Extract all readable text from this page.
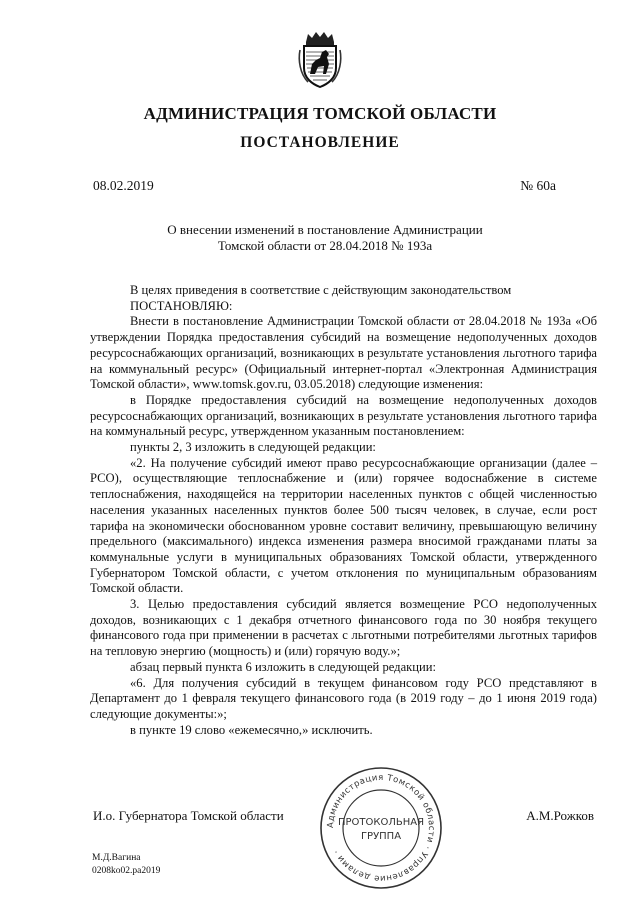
АДМИНИСТРАЦИЯ ТОМСКОЙ ОБЛАСТИ
ПОСТАНОВЛЕНИЕ
08.02.2019	№ 60а
О внесении изменений в постановление Администрации
Томской области от 28.04.2018 № 193а

В целях приведения в соответствие с действующим законодательством

ПОСТАНОВЛЯЮ:

Внести в постановление Администрации Томской области от 28.04.2018 № 193а «Об утверждении Порядка предоставления субсидий на возмещение недополученных доходов ресурсоснабжающих организаций, возникающих в результате установления льготного тарифа на коммунальный ресурс» (Официальный интернет-портал «Электронная Администрация Томской области», www.tomsk.gov.ru, 03.05.2018) следующие изменения:

в Порядке предоставления субсидий на возмещение недополученных доходов ресурсоснабжающих организаций, возникающих в результате установления льготного тарифа на коммунальный ресурс, утвержденном указанным постановлением:

пункты 2, 3 изложить в следующей редакции:

«2. На получение субсидий имеют право ресурсоснабжающие организации (далее – РСО), осуществляющие теплоснабжение и (или) горячее водоснабжение в системе теплоснабжения, находящейся на территории населенных пунктов с общей численностью населения указанных населенных пунктов более 500 тысяч человек, в случае, если рост тарифа на экономически обоснованном уровне составит величину, превышающую величину предельного (максимального) индекса изменения размера вносимой гражданами платы за коммунальные услуги в муниципальных образованиях Томской области, утвержденного Губернатором Томской области, с учетом отклонения по муниципальным образованиям Томской области.

3. Целью предоставления субсидий является возмещение РСО недополученных доходов, возникающих с 1 декабря отчетного финансового года по 30 ноября текущего финансового года при применении в расчетах с льготными потребителями льготных тарифов на тепловую энергию (мощность) и (или) горячую воду.»;

абзац первый пункта 6 изложить в следующей редакции:

«6. Для получения субсидий в текущем финансовом году РСО представляют в Департамент до 1 февраля текущего финансового года (в 2019 году – до 1 июня 2019 года) следующие документы:»;

в пункте 19 слово «ежемесячно,» исключить.

Администрация Томской области · Управление делами ·
ПРОТОКОЛЬНАЯ
ГРУППА
И.о. Губернатора Томской области	А.М.Рожков
М.Д.Вагина
0208ko02.pa2019
